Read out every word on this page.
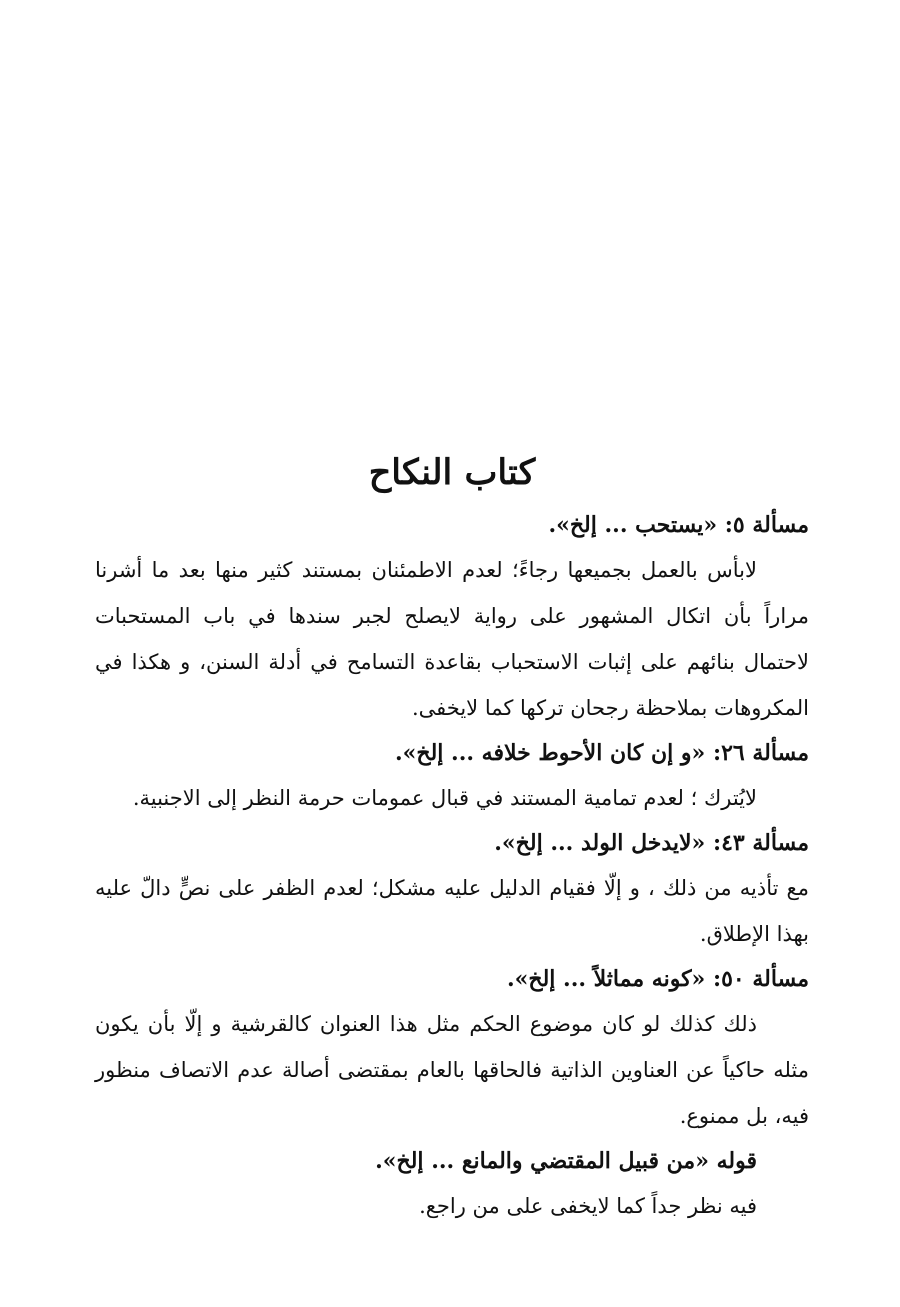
كتاب النكاح
مسألة ٥: «يستحب ... إلخ».

لابأس بالعمل بجميعها رجاءً؛ لعدم الاطمئنان بمستند كثير منها بعد ما أشرنا مراراً بأن اتكال المشهور على رواية لايصلح لجبر سندها في باب المستحبات لاحتمال بنائهم على إثبات الاستحباب بقاعدة التسامح في أدلة السنن، و هكذا في المكروهات بملاحظة رجحان تركها كما لايخفى.

مسألة ٢٦: «و إن كان الأحوط خلافه ... إلخ».

لايُترك ؛ لعدم تمامية المستند في قبال عمومات حرمة النظر إلى الاجنبية.

مسألة ٤٣: «لايدخل الولد ... إلخ».

مع تأذيه من ذلك ، و إلّا فقيام الدليل عليه مشكل؛ لعدم الظفر على نصٍّ دالّ عليه بهذا الإطلاق.

مسألة ٥٠: «كونه مماثلاً ... إلخ».

ذلك كذلك لو كان موضوع الحكم مثل هذا العنوان كالقرشية و إلّا بأن يكون مثله حاكياً عن العناوين الذاتية فالحاقها بالعام بمقتضى أصالة عدم الاتصاف منظور فيه، بل ممنوع.

قوله «من قبيل المقتضي والمانع ... إلخ».

فيه نظر جداً كما لايخفى على من راجع.
